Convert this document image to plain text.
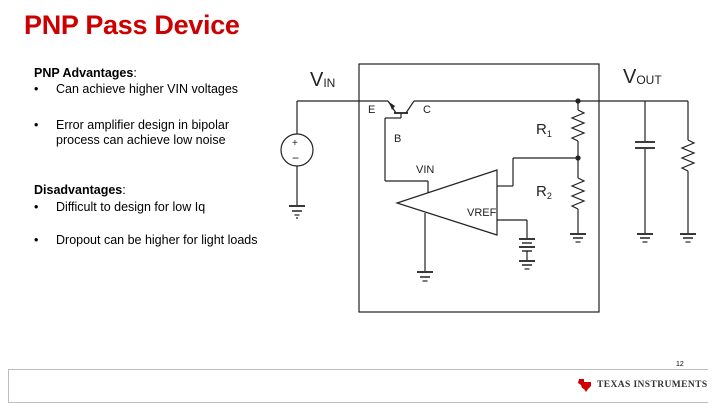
PNP Pass Device
PNP Advantages:
• Can achieve higher VIN voltages
• Error amplifier design in bipolar process can achieve low noise
Disadvantages:
• Difficult to design for low Iq
• Dropout can be higher for light loads
VIN	VOUT
E	C
B
$R_1$
$R_2$
VIN
VREF
+
−
12
TEXAS INSTRUMENTS
